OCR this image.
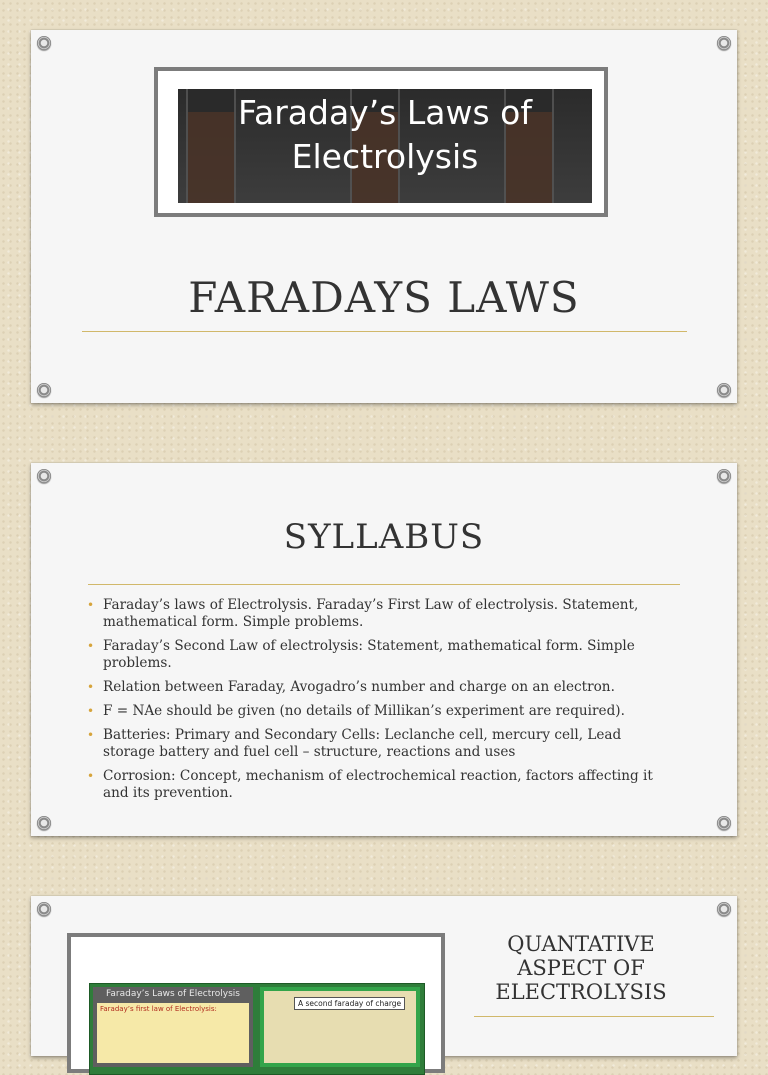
Faraday’s Laws of
Electrolysis
FARADAYS LAWS
SYLLABUS
• Faraday’s laws of Electrolysis. Faraday’s First Law of electrolysis. Statement, mathematical form. Simple problems.
• Faraday’s Second Law of electrolysis: Statement, mathematical form. Simple problems.
• Relation between Faraday, Avogadro’s number and charge on an electron.
• F = NAe should be given (no details of Millikan’s experiment are required).
• Batteries: Primary and Secondary Cells: Leclanche cell, mercury cell, Lead storage battery and fuel cell – structure, reactions and uses
• Corrosion: Concept, mechanism of electrochemical reaction, factors affecting it and its prevention.
Faraday’s Laws of Electrolysis
Faraday’s first law of Electrolysis:
A second faraday of charge
QUANTATIVE
ASPECT OF
ELECTROLYSIS
